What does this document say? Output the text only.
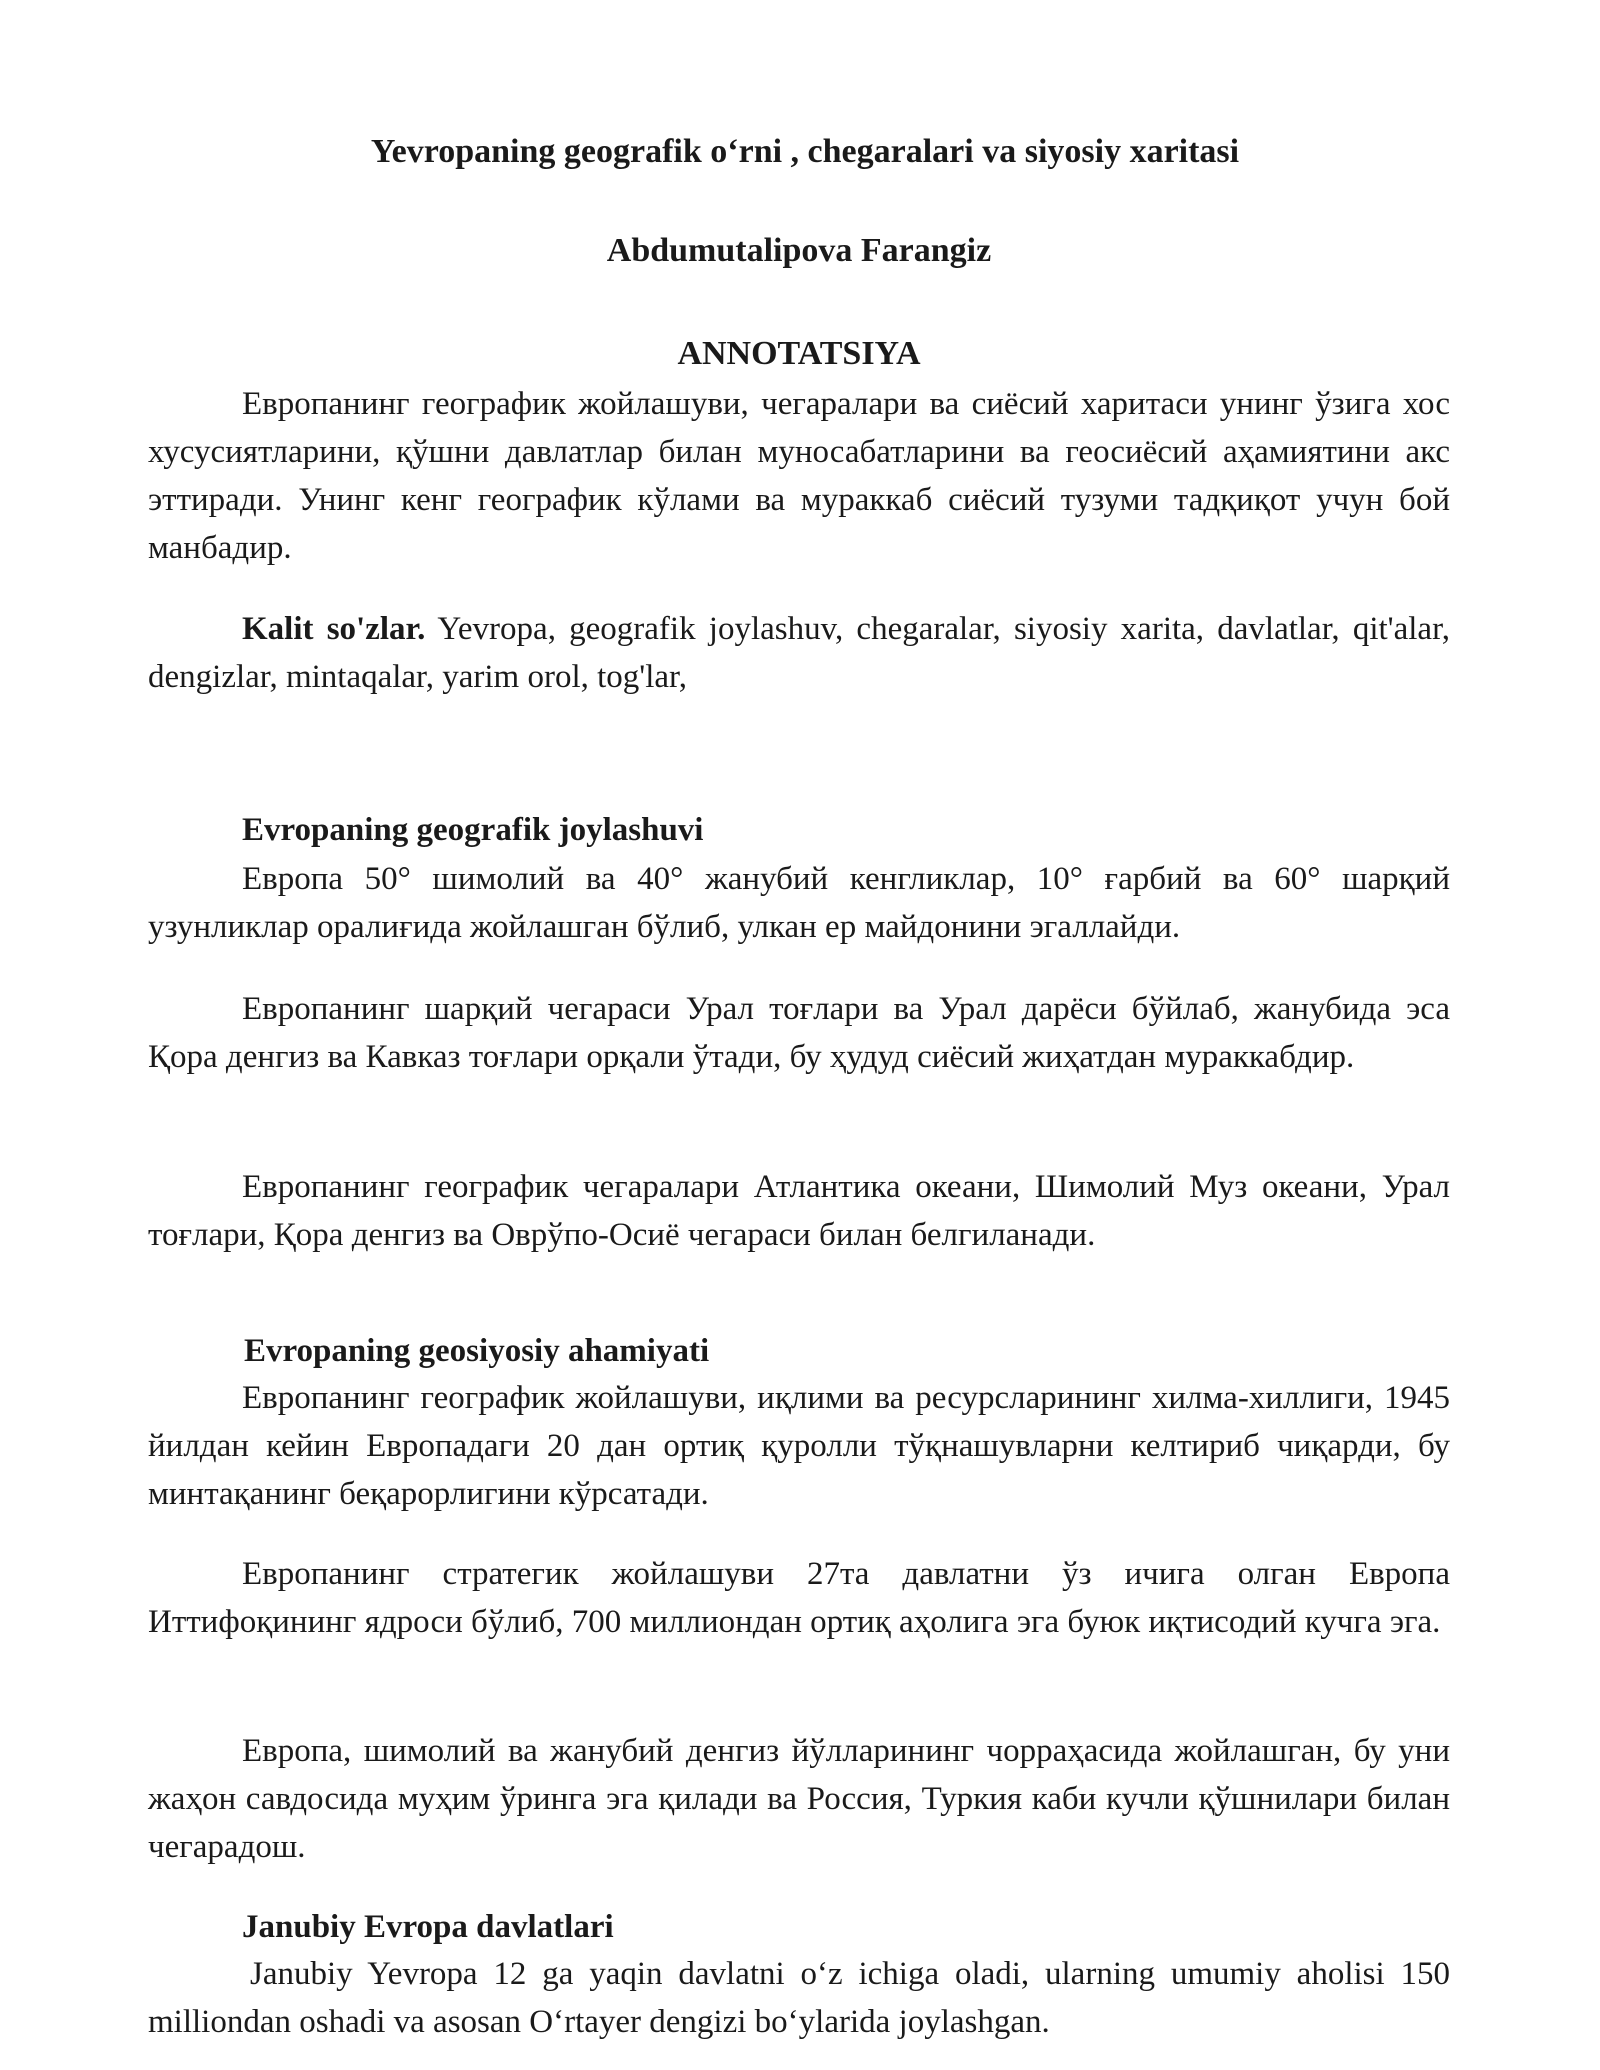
Yevropaning geografik o‘rni , chegaralari va siyosiy xaritasi
Abdumutalipova Farangiz
ANNOTATSIYA

Европанинг географик жойлашуви, чегаралари ва сиёсий харитаси унинг ўзига хос хусусиятларини, қўшни давлатлар билан муносабатларини ва геосиёсий аҳамиятини акс эттиради. Унинг кенг географик кўлами ва мураккаб сиёсий тузуми тадқиқот учун бой манбадир.

Kalit so'zlar. Yevropa, geografik joylashuv, chegaralar, siyosiy xarita, davlatlar, qit'alar, dengizlar, mintaqalar, yarim orol, tog'lar,

Evropaning geografik joylashuvi

Европа 50° шимолий ва 40° жанубий кенгликлар, 10° ғарбий ва 60° шарқий узунликлар оралиғида жойлашган бўлиб, улкан ер майдонини эгаллайди.

Европанинг шарқий чегараси Урал тоғлари ва Урал дарёси бўйлаб, жанубида эса Қора денгиз ва Кавказ тоғлари орқали ўтади, бу ҳудуд сиёсий жиҳатдан мураккабдир.

Европанинг географик чегаралари Атлантика океани, Шимолий Муз океани, Урал тоғлари, Қора денгиз ва Оврўпо-Осиё чегараси билан белгиланади.

Evropaning geosiyosiy ahamiyati

Европанинг географик жойлашуви, иқлими ва ресурсларининг хилма-хиллиги, 1945 йилдан кейин Европадаги 20 дан ортиқ қуролли тўқнашувларни келтириб чиқарди, бу минтақанинг беқарорлигини кўрсатади.

Европанинг стратегик жойлашуви 27та давлатни ўз ичига олган Европа Иттифоқининг ядроси бўлиб, 700 миллиондан ортиқ аҳолига эга буюк иқтисодий кучга эга.

Европа, шимолий ва жанубий денгиз йўлларининг чорраҳасида жойлашган, бу уни жаҳон савдосида муҳим ўринга эга қилади ва Россия, Туркия каби кучли қўшнилари билан чегарадош.

Janubiy Evropa davlatlari

Janubiy Yevropa 12 ga yaqin davlatni o‘z ichiga oladi, ularning umumiy aholisi 150 milliondan oshadi va asosan O‘rtayer dengizi bo‘ylarida joylashgan.
